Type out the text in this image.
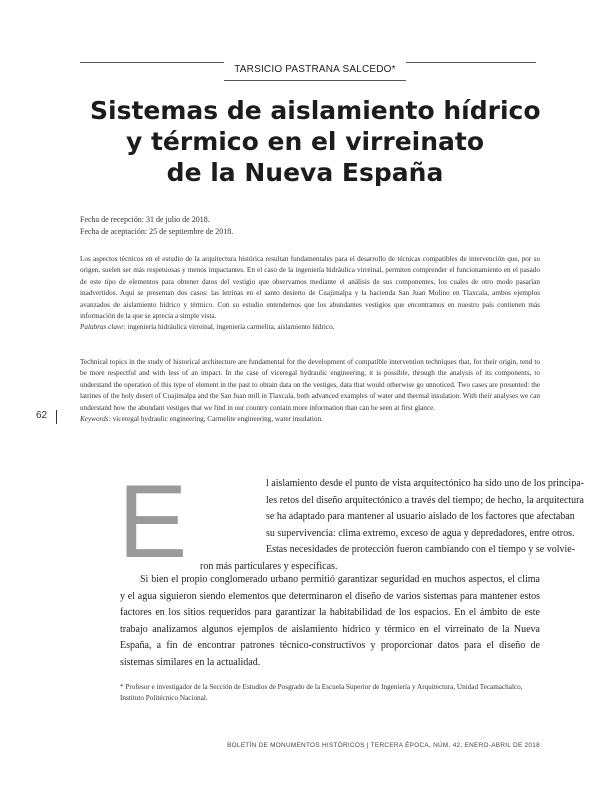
TARSICIO PASTRANA SALCEDO*
Sistemas de aislamiento hídrico
y térmico en el virreinato
de la Nueva España
Fecha de recepción: 31 de julio de 2018.
Fecha de aceptación: 25 de septiembre de 2018.

Los aspectos técnicos en el estudio de la arquitectura histórica resultan fundamentales para el desarrollo de técnicas compatibles de intervención que, por su origen, suelen ser más respetuosas y menos impactantes. En el caso de la ingeniería hidráulica virreinal, permiten comprender el funcionamiento en el pasado de este tipo de elementos para obtener datos del vestigio que observamos mediante el análisis de sus componentes, los cuales de otro modo pasarían inadvertidos. Aquí se presentan dos casos: las letrinas en el santo desierto de Cuajimalpa y la hacienda San Juan Molino en Tlaxcala, ambos ejemplos avanzados de aislamiento hídrico y térmico. Con su estudio entendemos que los abundantes vestigios que encontramos en nuestro país contienen más información de la que se aprecia a simple vista.

Palabras clave: ingeniería hidráulica virreinal, ingeniería carmelita, aislamiento hídrico.

Technical topics in the study of historical architecture are fundamental for the development of compatible intervention techniques that, for their origin, tend to be more respectful and with less of an impact. In the case of viceregal hydraulic engineering, it is possible, through the analysis of its components, to understand the operation of this type of element in the past to obtain data on the vestiges, data that would otherwise go unnoticed. Two cases are presented: the latrines of the holy desert of Cuajimalpa and the San Juan mill in Tlaxcala, both advanced examples of water and thermal insulation. With their analyses we can understand how the abundant vestiges that we find in our country contain more information than can be seen at first glance.

Keywords: viceregal hydraulic engineering, Carmelite engineering, water insulation.

62
E	l aislamiento desde el punto de vista arquitectónico ha sido uno de los principa-
les retos del diseño arquitectónico a través del tiempo; de hecho, la arquitectura
se ha adaptado para mantener al usuario aislado de los factores que afectaban
su supervivencia: clima extremo, exceso de agua y depredadores, entre otros.
Estas necesidades de protección fueron cambiando con el tiempo y se volvie-
ron más particulares y específicas.

Si bien el propio conglomerado urbano permitió garantizar seguridad en muchos aspectos, el clima y el agua siguieron siendo elementos que determinaron el diseño de varios sistemas para mantener estos factores en los sitios requeridos para garantizar la habitabilidad de los espacios. En el ámbito de este trabajo analizamos algunos ejemplos de aislamiento hídrico y térmico en el virreinato de la Nueva España, a fin de encontrar patrones técnico-constructivos y proporcionar datos para el diseño de sistemas similares en la actualidad.

* Profesor e investigador de la Sección de Estudios de Posgrado de la Escuela Superior de Ingeniería y Arquitectura, Unidad Tecamachalco, Instituto Politécnico Nacional.
BOLETÍN DE MONUMENTOS HISTÓRICOS | TERCERA ÉPOCA, NÚM. 42, ENERO-ABRIL DE 2018
